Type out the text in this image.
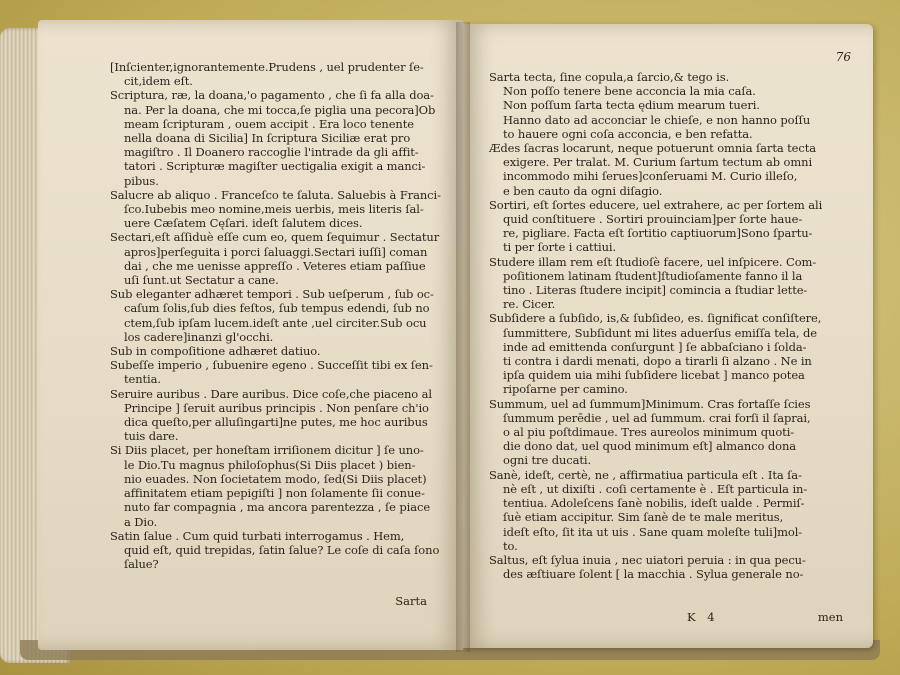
[Inſcienter,ignorantemente.Prudens , uel prudenter ſe-
cit,idem eſt.
Scriptura, ræ, la doana,'o pagamento , che ſi fa alla doa-
na. Per la doana, che mi tocca,ſe piglia una pecora]Ob
meam ſcripturam , ouem accipit . Era loco tenente
nella doana di Sicilia] In ſcriptura Siciliæ erat pro
magiſtro . Il Doanero raccoglie l'intrade da gli affit-
tatori . Scripturæ magiſter uectigalia exigit a manci-
pibus.
Salucre ab aliquo . Franceſco te ſaluta. Saluebis à Franci-
ſco.Iubebis meo nomine,meis uerbis, meis literis ſal-
uere Cæſatem Cęſari. ideſt ſalutem dices.
Sectari,eſt aſſiduè eſſe cum eo, quem ſequimur . Sectatur
apros]perſeguita i porci ſaluaggi.Sectari iuſſi] coman
dai , che me uenisse appreſſo . Veteres etiam paſſiue
uſi ſunt.ut Sectatur a cane.
Sub eleganter adhæret tempori . Sub ueſperum , ſub oc-
caſum ſolis,ſub dies feſtos, ſub tempus edendi, ſub no
ctem,ſub ipſam lucem.ideſt ante ,uel circiter.Sub ocu
los cadere]inanzi gl'occhi.
Sub in compoſitione adhæret datiuo.
Subeſſe imperio , ſubuenire egeno . Succeſſit tibi ex ſen-
tentia.
Seruire auribus . Dare auribus. Dice coſe,che piaceno al
Principe ] ſeruit auribus principis . Non penſare ch'io
dica queſto,per alluſingarti]ne putes, me hoc auribus
tuis dare.
Si Diis placet, per honeſtam irriſionem dicitur ] ſe uno-
le Dio.Tu magnus philoſophus(Si Diis placet ) bien-
nio euades. Non ſocietatem modo, ſed(Si Diis placet)
affinitatem etiam pepigiſti ] non ſolamente ſii conue-
nuto far compagnia , ma ancora parentezza , ſe piace
a Dio.
Satin ſalue . Cum quid turbati interrogamus . Hem,
quid eſt, quid trepidas, ſatin ſalue? Le coſe di caſa ſono
ſalue?
Sarta
76
Sarta tecta, ſine copula,a ſarcio,& tego is.
Non poſſo tenere bene acconcia la mia caſa.
Non poſſum ſarta tecta ędium mearum tueri.
Hanno dato ad acconciar le chieſe, e non hanno poſſu
to hauere ogni coſa acconcia, e ben refatta.
Ædes ſacras locarunt, neque potuerunt omnia ſarta tecta
exigere. Per tralat. M. Curium ſartum tectum ab omni
incommodo mihi ſerues]conſeruami M. Curio illeſo,
e ben cauto da ogni diſagio.
Sortiri, eſt ſortes educere, uel extrahere, ac per ſortem ali
quid conſtituere . Sortiri prouinciam]per ſorte haue-
re, pigliare. Facta eſt ſortitio captiuorum]Sono ſpartu-
ti per ſorte i cattiui.
Studere illam rem eſt ſtudioſè facere, uel inſpicere. Com-
poſitionem latinam ſtudent]ſtudioſamente fanno il la
tino . Literas ſtudere incipit] comincia a ſtudiar lette-
re. Cicer.
Subſidere a ſubſido, is,& ſubſideo, es. ſignificat conſiſtere,
ſummittere, Subſidunt mi lites aduerſus emiſſa tela, de
inde ad emittenda conſurgunt ] ſe abbaſciano i ſolda-
ti contra i dardi menati, dopo a tirarli ſi alzano . Ne in
ipſa quidem uia mihi ſubſidere licebat ] manco potea
ripoſarne per camino.
Summum, uel ad ſummum]Minimum. Cras fortaſſe ſcies
ſummum perēdie , uel ad ſummum. crai forſi il ſaprai,
o al piu poſtdimaue. Tres aureolos minimum quoti-
die dono dat, uel quod minimum eſt] almanco dona
ogni tre ducati.
Sanè, ideſt, certè, ne , affirmatiua particula eſt . Ita ſa-
nè eſt , ut dixiſti . coſi certamente è . Eſt particula in-
tentiua. Adoleſcens ſanè nobilis, ideſt ualde . Permiſ-
ſuè etiam accipitur. Sim ſanè de te male meritus,
ideſt eſto, ſit ita ut uis . Sane quam moleſte tuli]mol-
to.
Saltus, eſt ſylua inuia , nec uiatori peruia : in qua pecu-
des æſtiuare ſolent [ la macchia . Sylua generale no-
K 4	men
